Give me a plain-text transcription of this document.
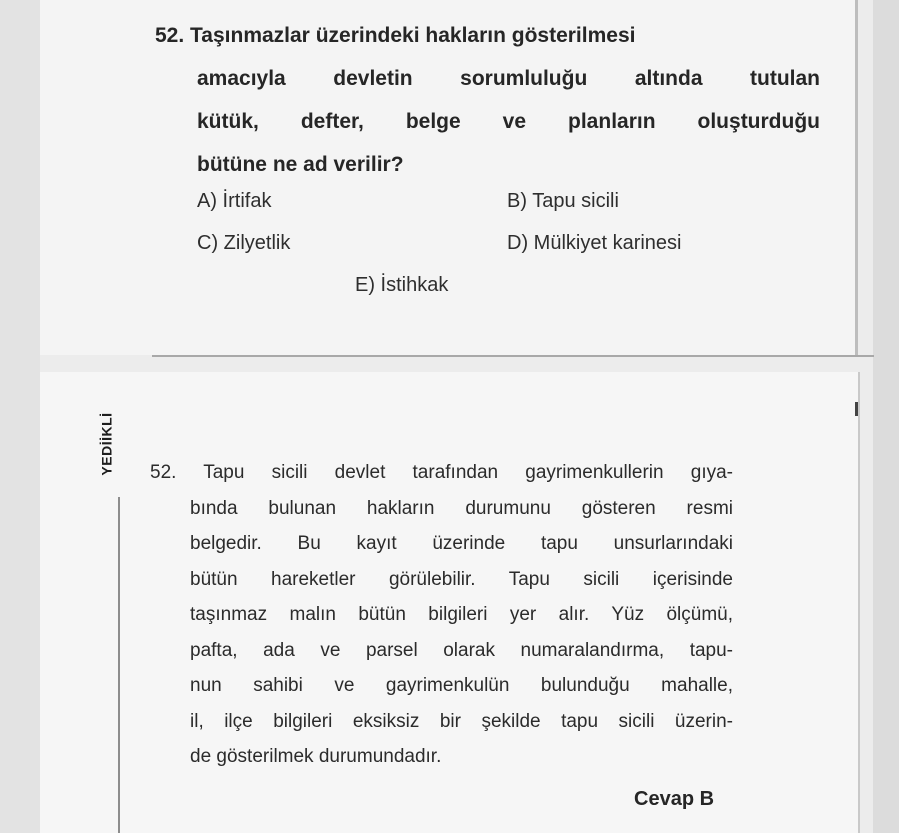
52. Taşınmazlar üzerindeki hakların gösterilmesi
amacıyla devletin sorumluluğu altında tutulan
kütük, defter, belge ve planların oluşturduğu
bütüne ne ad verilir?
A) İrtifak	B) Tapu sicili
C) Zilyetlik	D) Mülkiyet karinesi
E) İstihkak
YEDİİKLİ 52. Tapu sicili devlet tarafından gayrimenkullerin gıya-
bında bulunan hakların durumunu gösteren resmi
belgedir. Bu kayıt üzerinde tapu unsurlarındaki
bütün hareketler görülebilir. Tapu sicili içerisinde
taşınmaz malın bütün bilgileri yer alır. Yüz ölçümü,
pafta, ada ve parsel olarak numaralandırma, tapu-
nun sahibi ve gayrimenkulün bulunduğu mahalle,
il, ilçe bilgileri eksiksiz bir şekilde tapu sicili üzerin-
de gösterilmek durumundadır.
Cevap B
